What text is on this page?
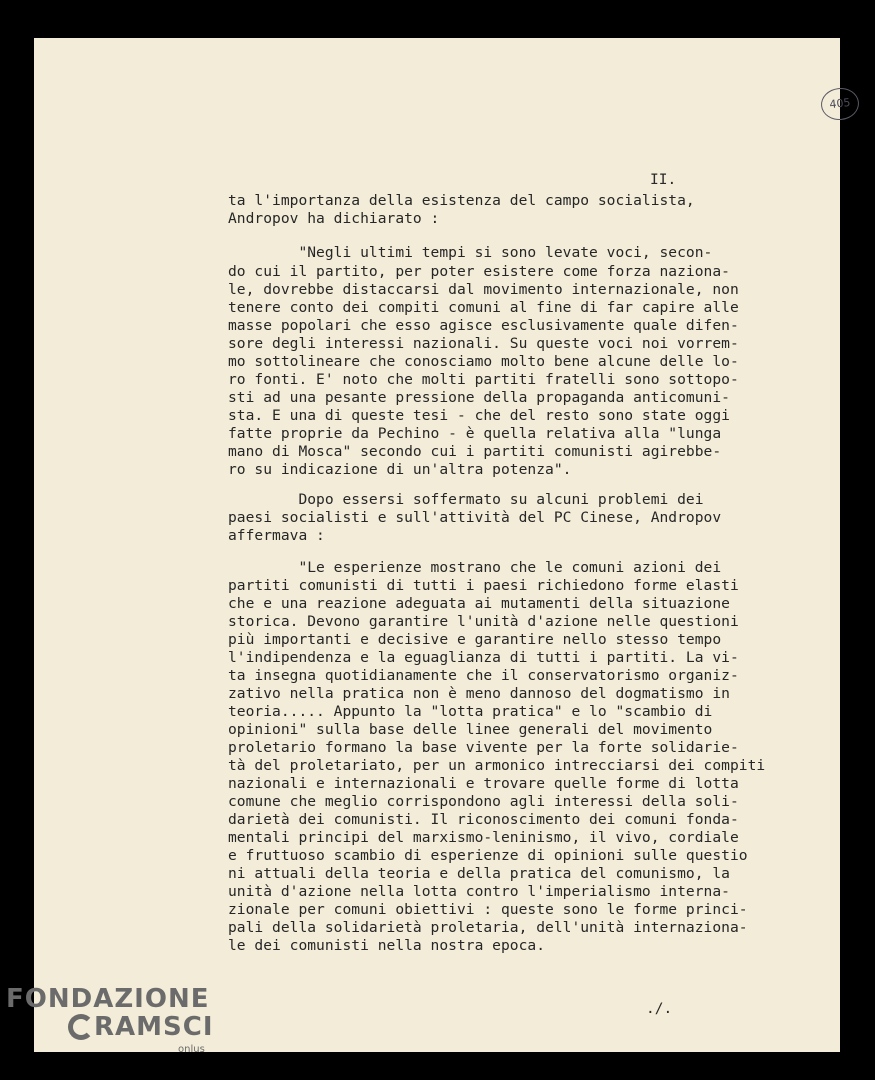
405
II.
ta l'importanza della esistenza del campo socialista,
Andropov ha dichiarato :
"Negli ultimi tempi si sono levate voci, secon-
do cui il partito, per poter esistere come forza naziona-
le, dovrebbe distaccarsi dal movimento internazionale, non
tenere conto dei compiti comuni al fine di far capire alle
masse popolari che esso agisce esclusivamente quale difen-
sore degli interessi nazionali. Su queste voci noi vorrem-
mo sottolineare che conosciamo molto bene alcune delle lo-
ro fonti. E' noto che molti partiti fratelli sono sottopo-
sti ad una pesante pressione della propaganda anticomuni-
sta. E una di queste tesi - che del resto sono state oggi
fatte proprie da Pechino - è quella relativa alla "lunga
mano di Mosca" secondo cui i partiti comunisti agirebbe-
ro su indicazione di un'altra potenza".
Dopo essersi soffermato su alcuni problemi dei
paesi socialisti e sull'attività del PC Cinese, Andropov
affermava :
"Le esperienze mostrano che le comuni azioni dei
partiti comunisti di tutti i paesi richiedono forme elasti
che e una reazione adeguata ai mutamenti della situazione
storica. Devono garantire l'unità d'azione nelle questioni
più importanti e decisive e garantire nello stesso tempo
l'indipendenza e la eguaglianza di tutti i partiti. La vi-
ta insegna quotidianamente che il conservatorismo organiz-
zativo nella pratica non è meno dannoso del dogmatismo in
teoria..... Appunto la "lotta pratica" e lo "scambio di
opinioni" sulla base delle linee generali del movimento
proletario formano la base vivente per la forte solidarie-
tà del proletariato, per un armonico intrecciarsi dei compiti
nazionali e internazionali e trovare quelle forme di lotta
comune che meglio corrispondono agli interessi della soli-
darietà dei comunisti. Il riconoscimento dei comuni fonda-
mentali principi del marxismo-leninismo, il vivo, cordiale
e fruttuoso scambio di esperienze di opinioni sulle questio
ni attuali della teoria e della pratica del comunismo, la
unità d'azione nella lotta contro l'imperialismo interna-
zionale per comuni obiettivi : queste sono le forme princi-
pali della solidarietà proletaria, dell'unità internaziona-
le dei comunisti nella nostra epoca.
./.
FONDAZIONE
RAMSCI
onlus
